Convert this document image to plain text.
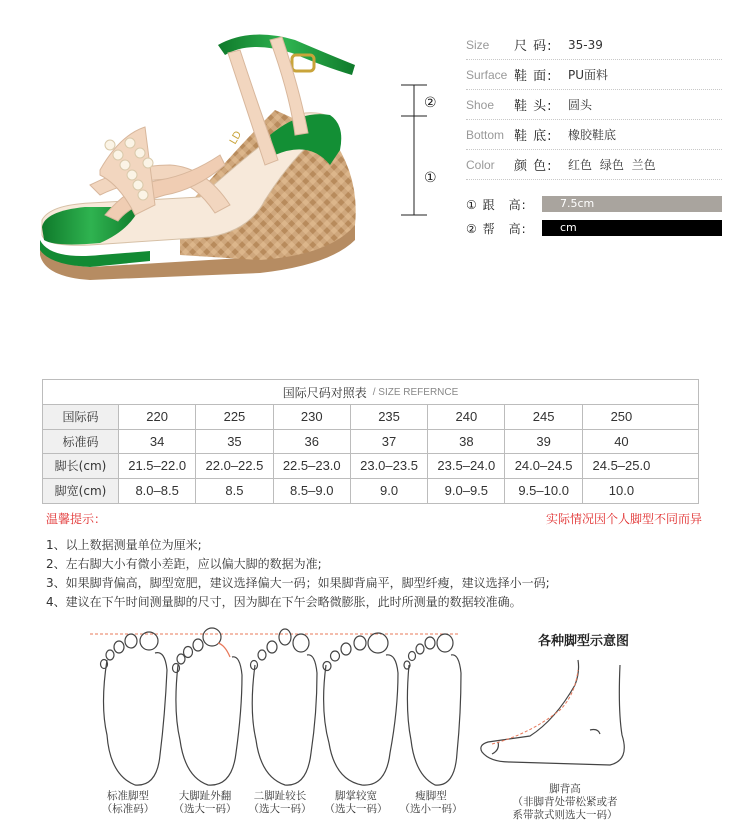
LD
②
①
Size	尺 码:	35-39
Surface 鞋 面:	PU面料
Shoe	鞋 头:	圆头
Bottom 鞋 底:	橡胶鞋底
Color	颜 色:	红色 绿色 兰色
① 跟　高:	7.5cm
② 帮　高:	cm
国际尺码对照表 / SIZE REFERNCE
国际码	220	225	230	235	240	245	250
标准码	34	35	36	37	38	39	40
脚长(cm)	21.5–22.0	22.0–22.5	22.5–23.0	23.0–23.5	23.5–24.0	24.0–24.5	24.5–25.0
脚宽(cm)	8.0–8.5	8.5	8.5–9.0	9.0	9.0–9.5	9.5–10.0	10.0
温馨提示：	实际情况因个人脚型不同而异
1、以上数据测量单位为厘米;
2、左右脚大小有微小差距，应以偏大脚的数据为准;
3、如果脚背偏高，脚型宽肥，建议选择偏大一码；如果脚背扁平，脚型纤瘦，建议选择小一码;
4、建议在下午时间测量脚的尺寸，因为脚在下午会略微膨胀，此时所测量的数据较准确。
标准脚型
（标准码）
大脚趾外翻
（选大一码）
二脚趾较长
（选大一码）
脚掌较宽
（选大一码）
瘦脚型
（选小一码）
各种脚型示意图
脚背高
（非脚背处带松紧或者
系带款式则选大一码）
